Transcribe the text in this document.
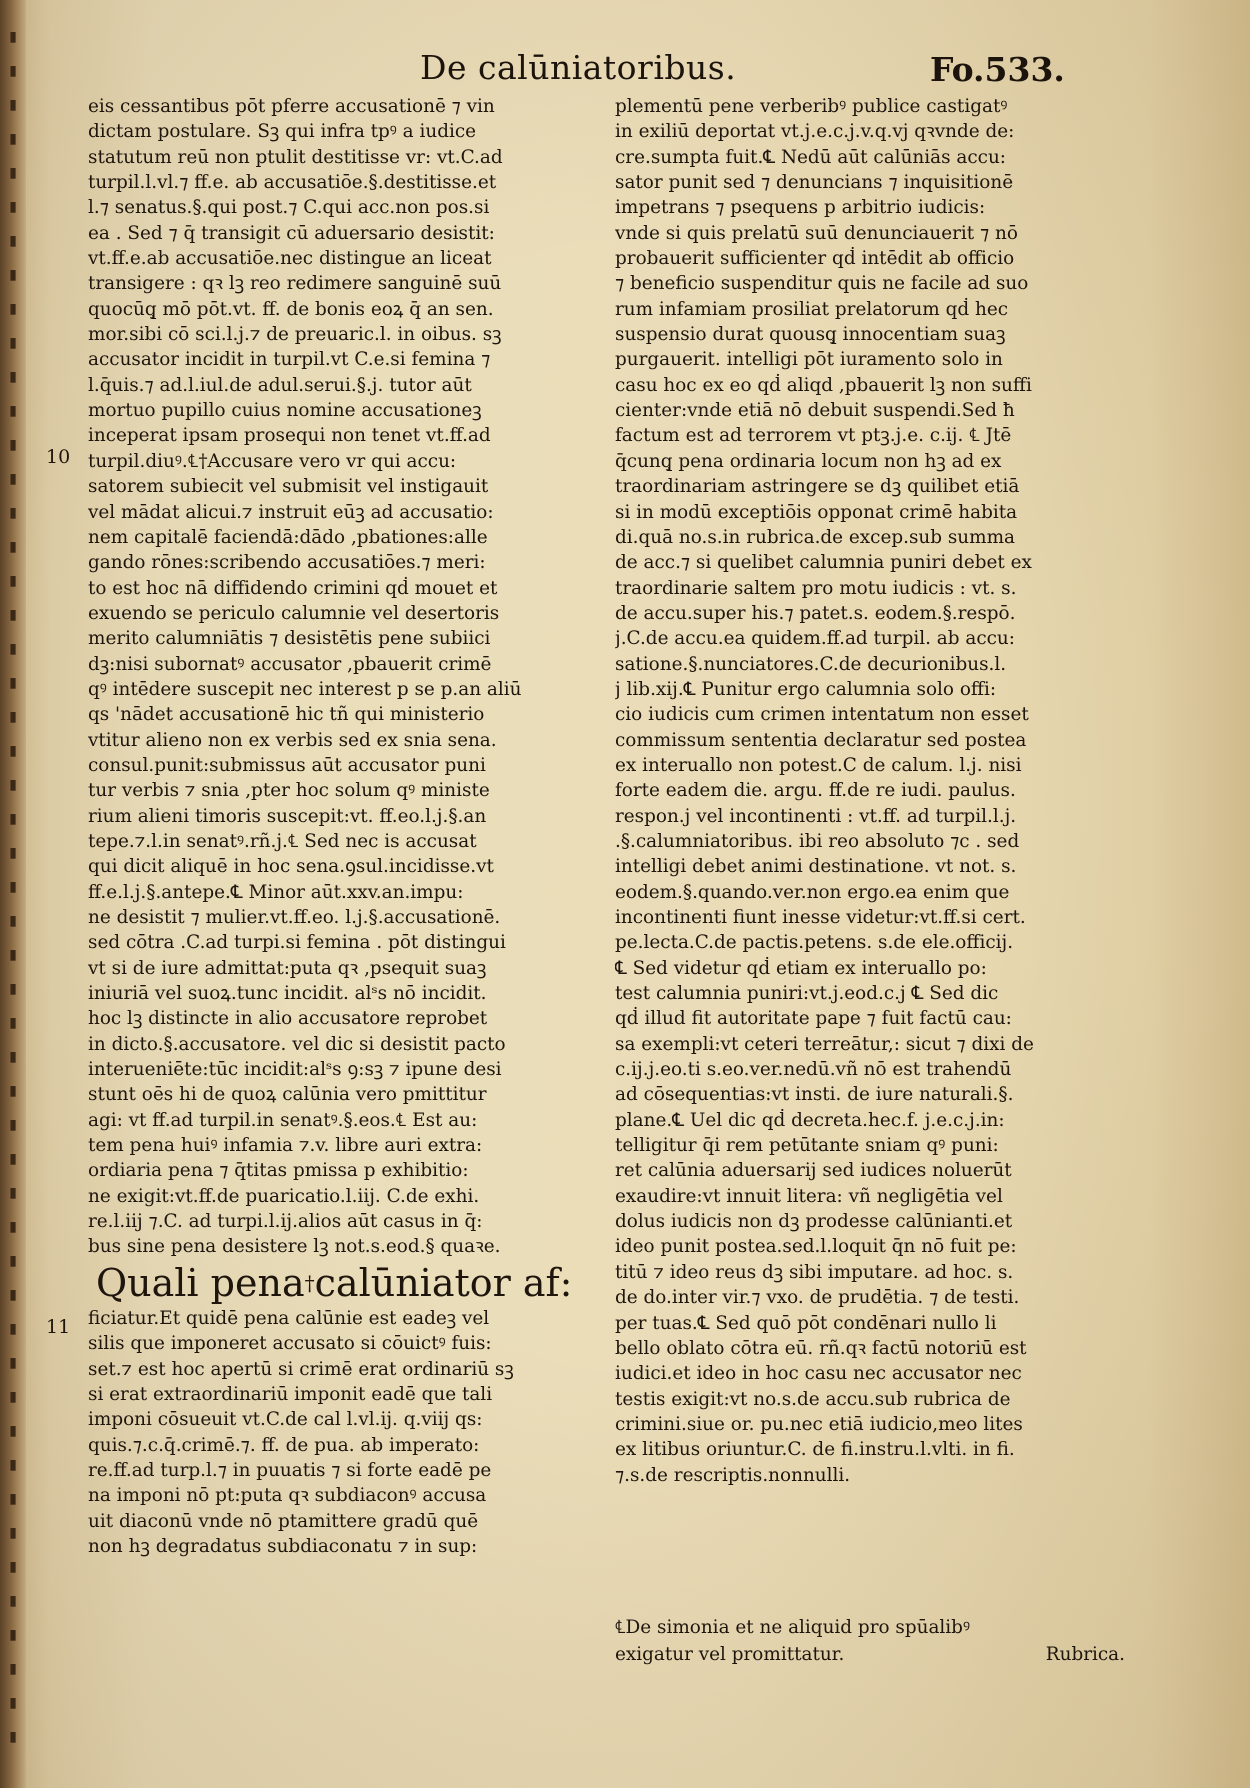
▮
▮
▮
▮
▮
▮
▮
▮
▮
▮
▮
▮
▮
▮
▮
▮
▮
▮
▮
▮
▮
▮
▮
▮
▮
▮
▮
▮
▮
▮
▮
▮
▮
▮
▮
▮
▮
▮
▮
▮
▮
▮
▮
▮
▮
▮
▮
▮
▮
▮
▮
De calūniatoribus.	Fo.533.
eis cessantibus pōt pferre accusationē ⁊ vin
dictam postulare. Sꝫ qui infra tpꝰ a iudice
statutum reū non ptulit destitisse vr: vt.C.ad
turpil.l.vl.⁊ ff.e. ab accusatiōe.§.destitisse.et
l.⁊ senatus.§.qui post.⁊ C.qui acc.non pos.si
ea . Sed ⁊ q̄ transigit cū aduersario desistit:
vt.ff.e.ab accusatiōe.nec distingue an liceat
transigere : qꝛ lꝫ reo redimere sanguinē suū
quocūq̧ mō pōt.vt. ff. de bonis eoꝝ q̄ an sen.
mor.sibi cō sci.l.j.⁊ de preuaric.l. in oibus. sꝫ
accusator incidit in turpil.vt C.e.si femina ⁊
l.q̄uis.⁊ ad.l.iul.de adul.serui.§.j. tutor aūt
mortuo pupillo cuius nomine accusationeꝫ
inceperat ipsam prosequi non tenet vt.ff.ad
turpil.diuꝰ.℄†Accusare vero vr qui accu:
satorem subiecit vel submisit vel instigauit
vel mādat alicui.⁊ instruit eūꝫ ad accusatio:
nem capitalē faciendā:dādo ,pbationes:alle
gando rōnes:scribendo accusatiōes.⁊ meri:
to est hoc nā diffidendo crimini qḋ mouet et
exuendo se periculo calumnie vel desertoris
merito calumniātis ⁊ desistētis pene subiici
dꝫ:nisi subornatꝰ accusator ,pbauerit crimē
qꝰ intēdere suscepit nec interest p se p.an aliū
qs 'nādet accusationē hic tñ qui ministerio
vtitur alieno non ex verbis sed ex snia sena.
consul.punit:submissus aūt accusator puni
tur verbis ⁊ snia ,pter hoc solum qꝰ ministe
rium alieni timoris suscepit:vt. ff.eo.l.j.§.an
tepe.⁊.l.in senatꝰ.rñ.j.℄ Sed nec is accusat
qui dicit aliquē in hoc sena.ꝯsul.incidisse.vt
ff.e.l.j.§.antepe.℄ Minor aūt.xxv.an.impu:
ne desistit ⁊ mulier.vt.ff.eo. l.j.§.accusationē.
sed cōtra .C.ad turpi.si femina . pōt distingui
vt si de iure admittat:puta qꝛ ,psequit suaꝫ
iniuriā vel suoꝝ.tunc incidit. alˢs nō incidit.
hoc lꝫ distincte in alio accusatore reprobet
in dicto.§.accusatore. vel dic si desistit pacto
interueniēte:tūc incidit:alˢs ꝯ:sꝫ ⁊ ipune desi
stunt oēs hi de quoꝝ calūnia vero pmittitur
agi: vt ff.ad turpil.in senatꝰ.§.eos.℄ Est au:
tem pena huiꝰ infamia ⁊.v. libre auri extra:
ordiaria pena ⁊ q̄titas pmissa p exhibitio:
ne exigit:vt.ff.de puaricatio.l.iij. C.de exhi.
re.l.iij ⁊.C. ad turpi.l.ij.alios aūt casus in q̄:
bus sine pena desistere lꝫ not.s.eod.§ quaꝛe.
Quali pena†calūniator af:
ficiatur.Et quidē pena calūnie est eadeꝫ vel
silis que imponeret accusato si cōuictꝰ fuis:
set.⁊ est hoc apertū si crimē erat ordinariū sꝫ
si erat extraordinariū imponit eadē que tali
imponi cōsueuit vt.C.de cal l.vl.ij. q.viij qs:
quis.⁊.c.q̄.crimē.⁊. ff. de pua. ab imperato:
re.ff.ad turp.l.⁊ in puuatis ⁊ si forte eadē pe
na imponi nō pt:puta qꝛ subdiaconꝰ accusa
uit diaconū vnde nō ptamittere gradū quē
non hꝫ degradatus subdiaconatu ⁊ in sup:
plementū pene verberibꝰ publice castigatꝰ
in exiliū deportat vt.j.e.c.j.v.q.vj qꝛvnde de:
cre.sumpta fuit.℄ Nedū aūt calūniās accu:
sator punit sed ⁊ denuncians ⁊ inquisitionē
impetrans ⁊ psequens p arbitrio iudicis:
vnde si quis prelatū suū denunciauerit ⁊ nō
probauerit sufficienter qḋ intēdit ab officio
⁊ beneficio suspenditur quis ne facile ad suo
rum infamiam prosiliat prelatorum qḋ hec
suspensio durat quousq̧ innocentiam suaꝫ
purgauerit. intelligi pōt iuramento solo in
casu hoc ex eo qḋ aliqd ,pbauerit lꝫ non suffi
cienter:vnde etiā nō debuit suspendi.Sed ħ
factum est ad terrorem vt ptꝫ.j.e. c.ij. ℄ Jtē
q̄cunq̧ pena ordinaria locum non hꝫ ad ex
traordinariam astringere se dꝫ quilibet etiā
si in modū exceptiōis opponat crimē habita
di.quā no.s.in rubrica.de excep.sub summa
de acc.⁊ si quelibet calumnia puniri debet ex
traordinarie saltem pro motu iudicis : vt. s.
de accu.super his.⁊ patet.s. eodem.§.respō.
j.C.de accu.ea quidem.ff.ad turpil. ab accu:
satione.§.nunciatores.C.de decurionibus.l.
j lib.xij.℄ Punitur ergo calumnia solo offi:
cio iudicis cum crimen intentatum non esset
commissum sententia declaratur sed postea
ex interuallo non potest.C de calum. l.j. nisi
forte eadem die. argu. ff.de re iudi. paulus.
respon.j vel incontinenti : vt.ff. ad turpil.l.j.
.§.calumniatoribus. ibi reo absoluto ⁊c . sed
intelligi debet animi destinatione. vt not. s.
eodem.§.quando.ver.non ergo.ea enim que
incontinenti fiunt inesse videtur:vt.ff.si cert.
pe.lecta.C.de pactis.petens. s.de ele.officij.
℄ Sed videtur qḋ etiam ex interuallo po:
test calumnia puniri:vt.j.eod.c.j ℄ Sed dic
qḋ illud fit autoritate pape ⁊ fuit factū cau:
sa exempli:vt ceteri terreātur,: sicut ⁊ dixi de
c.ij.j.eo.ti s.eo.ver.nedū.vñ nō est trahendū
ad cōsequentias:vt insti. de iure naturali.§.
plane.℄ Uel dic qḋ decreta.hec.f. j.e.c.j.in:
telligitur q̄i rem petūtante sniam qꝰ puni:
ret calūnia aduersarij sed iudices noluerūt
exaudire:vt innuit litera: vñ negligētia vel
dolus iudicis non dꝫ prodesse calūnianti.et
ideo punit postea.sed.l.loquit q̄n nō fuit pe:
titū ⁊ ideo reus dꝫ sibi imputare. ad hoc. s.
de do.inter vir.⁊ vxo. de prudētia. ⁊ de testi.
per tuas.℄ Sed quō pōt condēnari nullo li
bello oblato cōtra eū. rñ.qꝛ factū notoriū est
iudici.et ideo in hoc casu nec accusator nec
testis exigit:vt no.s.de accu.sub rubrica de
crimini.siue or. pu.nec etiā iudicio,meo lites
ex litibus oriuntur.C. de fi.instru.l.vlti. in fi.
⁊.s.de rescriptis.nonnulli.
10
11
℄De simonia et ne aliquid pro spūalibꝰ
exigatur vel promittatur.	Rubrica.
